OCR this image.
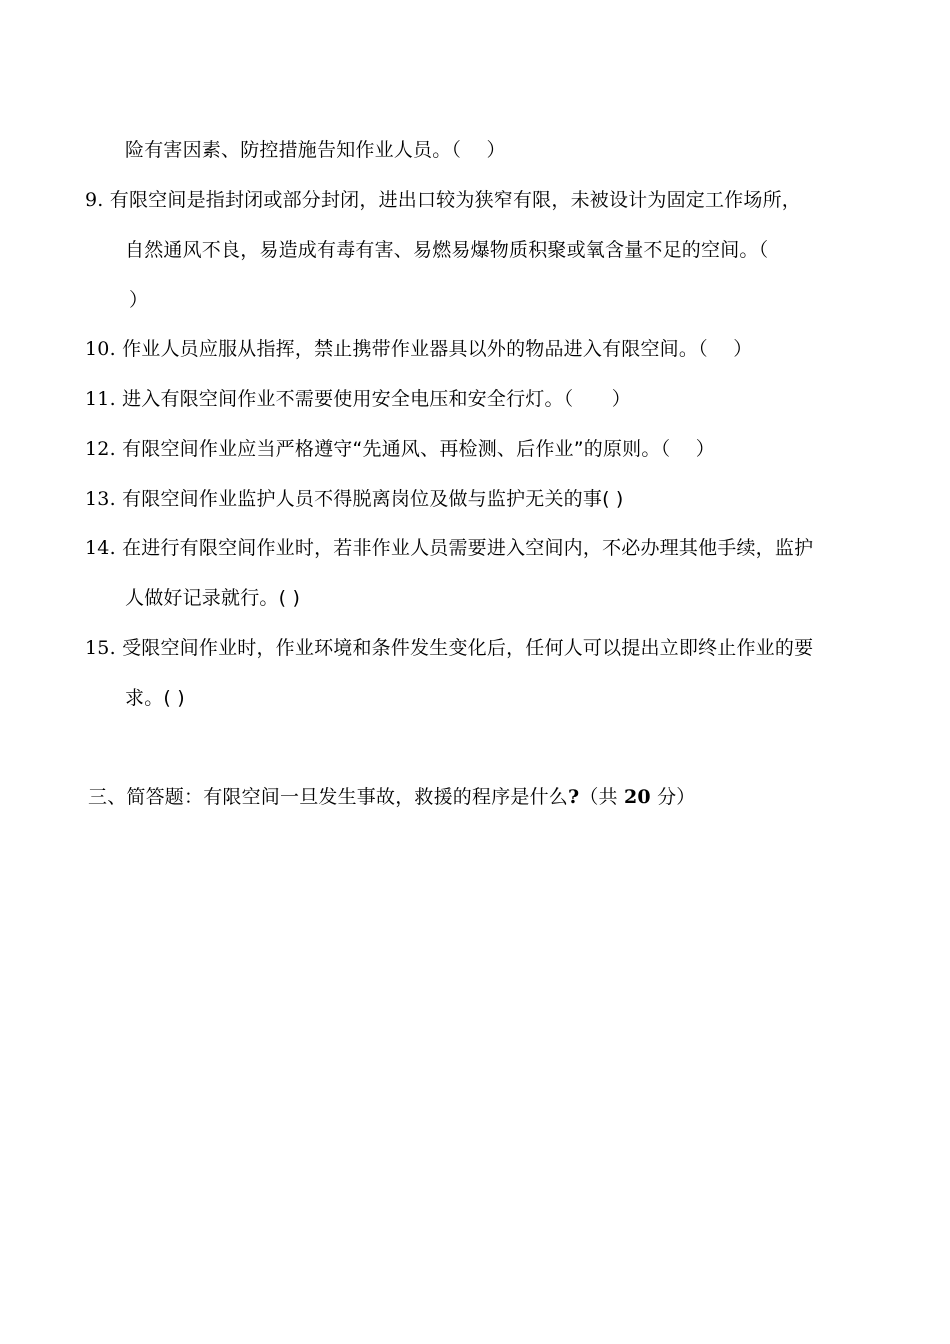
险有害因素、防控措施告知作业人员。（　 ）
9. 有限空间是指封闭或部分封闭，进出口较为狭窄有限，未被设计为固定工作场所，
自然通风不良，易造成有毒有害、易燃易爆物质积聚或氧含量不足的空间。（
）
10. 作业人员应服从指挥，禁止携带作业器具以外的物品进入有限空间。（　 ）
11. 进入有限空间作业不需要使用安全电压和安全行灯。（　　）
12. 有限空间作业应当严格遵守“先通风、再检测、后作业”的原则。（　 ）
13. 有限空间作业监护人员不得脱离岗位及做与监护无关的事( )
14. 在进行有限空间作业时，若非作业人员需要进入空间内，不必办理其他手续，监护
人做好记录就行。( )
15. 受限空间作业时，作业环境和条件发生变化后，任何人可以提出立即终止作业的要
求。( )
三、简答题：有限空间一旦发生事故，救援的程序是什么?（共 20 分）
